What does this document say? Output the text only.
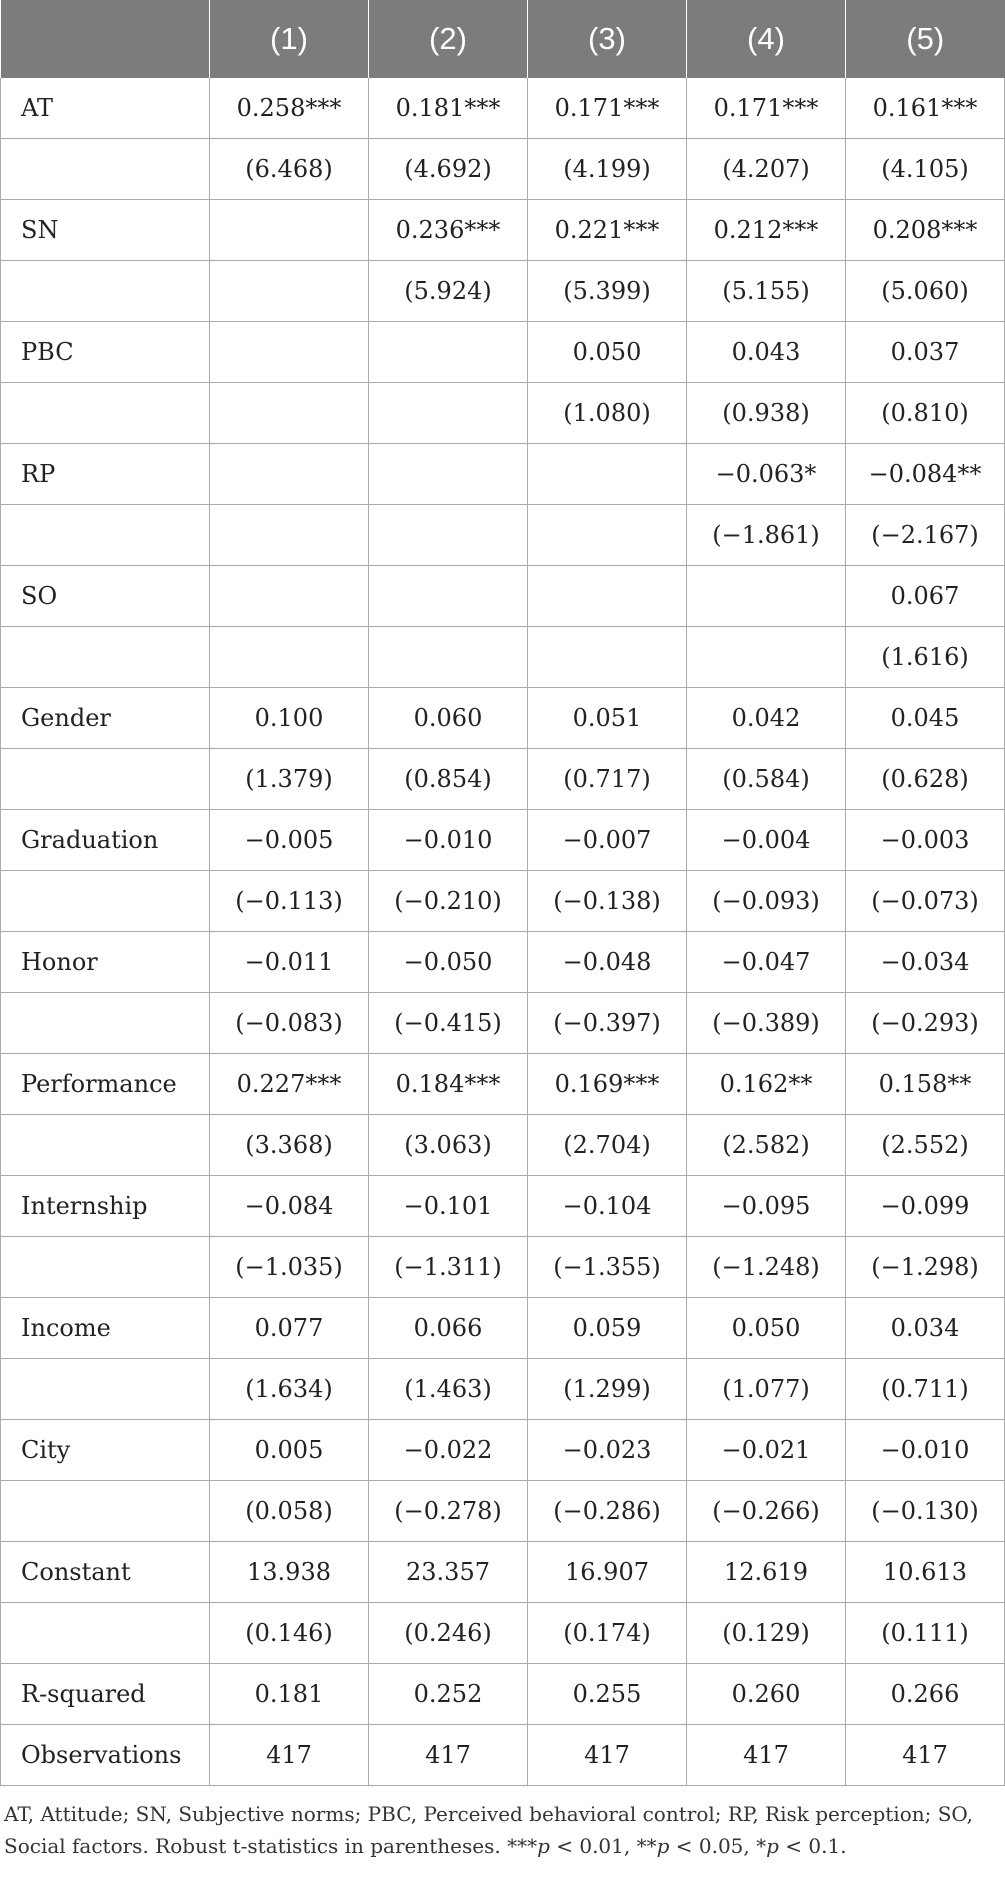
	(1)	(2)	(3)	(4)	(5)
AT	0.258***	0.181***	0.171***	0.171***	0.161***
	(6.468)	(4.692)	(4.199)	(4.207)	(4.105)
SN		0.236***	0.221***	0.212***	0.208***
		(5.924)	(5.399)	(5.155)	(5.060)
PBC			0.050	0.043	0.037
			(1.080)	(0.938)	(0.810)
RP				−0.063*	−0.084**
				(−1.861)	(−2.167)
SO					0.067
					(1.616)
Gender	0.100	0.060	0.051	0.042	0.045
	(1.379)	(0.854)	(0.717)	(0.584)	(0.628)
Graduation	−0.005	−0.010	−0.007	−0.004	−0.003
	(−0.113)	(−0.210)	(−0.138)	(−0.093)	(−0.073)
Honor	−0.011	−0.050	−0.048	−0.047	−0.034
	(−0.083)	(−0.415)	(−0.397)	(−0.389)	(−0.293)
Performance	0.227***	0.184***	0.169***	0.162**	0.158**
	(3.368)	(3.063)	(2.704)	(2.582)	(2.552)
Internship	−0.084	−0.101	−0.104	−0.095	−0.099
	(−1.035)	(−1.311)	(−1.355)	(−1.248)	(−1.298)
Income	0.077	0.066	0.059	0.050	0.034
	(1.634)	(1.463)	(1.299)	(1.077)	(0.711)
City	0.005	−0.022	−0.023	−0.021	−0.010
	(0.058)	(−0.278)	(−0.286)	(−0.266)	(−0.130)
Constant	13.938	23.357	16.907	12.619	10.613
	(0.146)	(0.246)	(0.174)	(0.129)	(0.111)
R-squared	0.181	0.252	0.255	0.260	0.266
Observations	417	417	417	417	417
AT, Attitude; SN, Subjective norms; PBC, Perceived behavioral control; RP, Risk perception; SO, Social factors. Robust t-statistics in parentheses. ***p < 0.01, **p < 0.05, *p < 0.1.
